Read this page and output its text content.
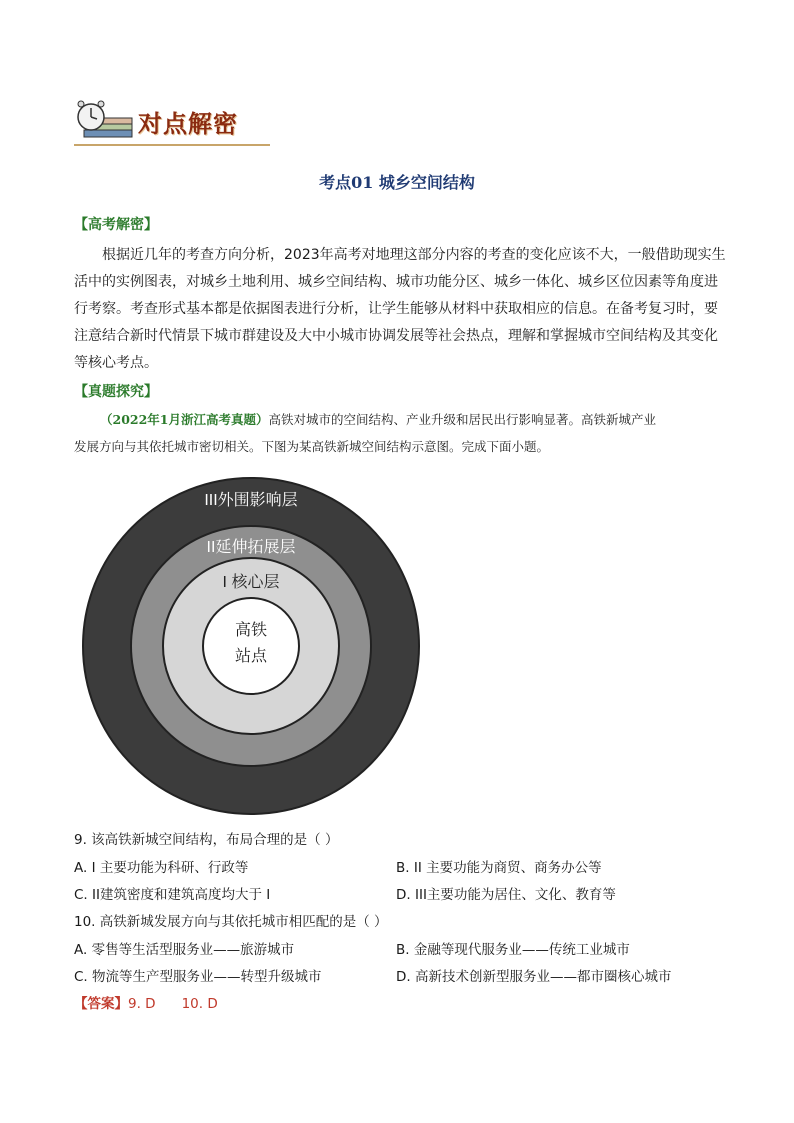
对点解密
考点01 城乡空间结构
【高考解密】
根据近几年的考查方向分析，2023年高考对地理这部分内容的考查的变化应该不大，一般借助现实生
活中的实例图表，对城乡土地利用、城乡空间结构、城市功能分区、城乡一体化、城乡区位因素等角度进
行考察。考查形式基本都是依据图表进行分析，让学生能够从材料中获取相应的信息。在备考复习时，要
注意结合新时代情景下城市群建设及大中小城市协调发展等社会热点，理解和掌握城市空间结构及其变化
等核心考点。
【真题探究】
（2022年1月浙江高考真题）高铁对城市的空间结构、产业升级和居民出行影响显著。高铁新城产业
发展方向与其依托城市密切相关。下图为某高铁新城空间结构示意图。完成下面小题。
III外围影响层
II延伸拓展层
I 核心层
高铁
站点
9. 该高铁新城空间结构，布局合理的是（ ）
A. I 主要功能为科研、行政等	B. II 主要功能为商贸、商务办公等
C. II建筑密度和建筑高度均大于 I	D. III主要功能为居住、文化、教育等
10. 高铁新城发展方向与其依托城市相匹配的是（ ）
A. 零售等生活型服务业——旅游城市	B. 金融等现代服务业——传统工业城市
C. 物流等生产型服务业——转型升级城市	D. 高新技术创新型服务业——都市圈核心城市
【答案】9. D 10. D
